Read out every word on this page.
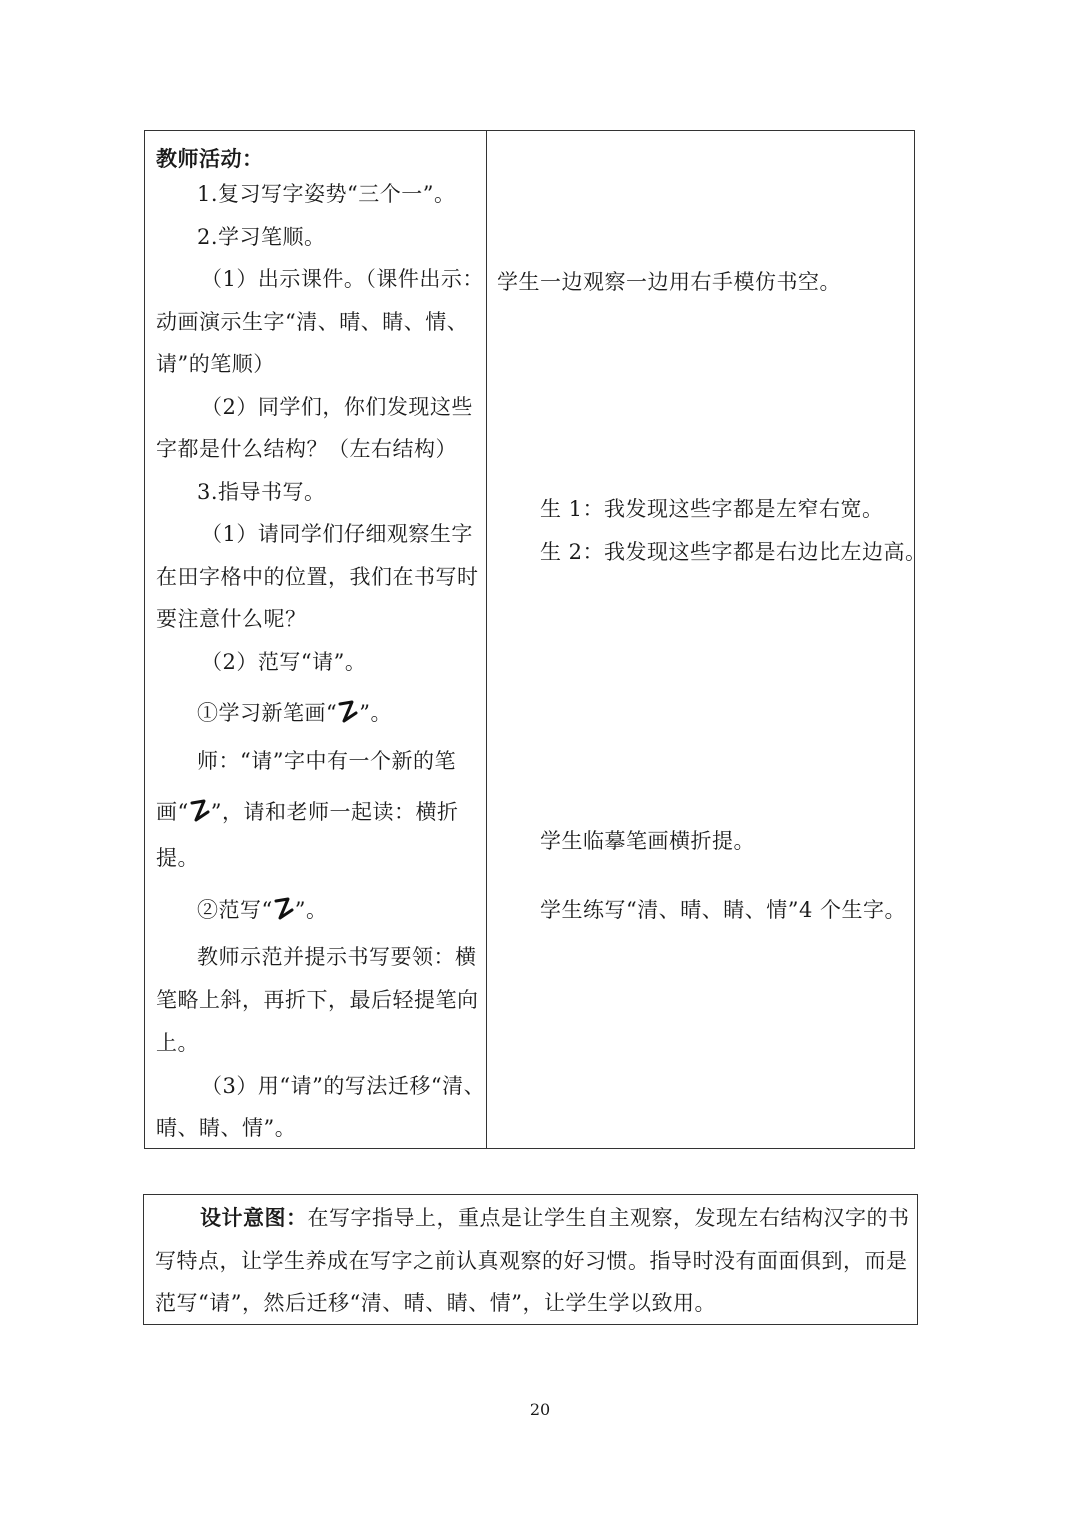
教师活动：
1.复习写字姿势“三个一”。
2.学习笔顺。
（1）出示课件。（课件出示：
动画演示生字“清、晴、睛、情、
请”的笔顺）
（2）同学们，你们发现这些
字都是什么结构？（左右结构）
3.指导书写。
（1）请同学们仔细观察生字
在田字格中的位置，我们在书写时
要注意什么呢？
（2）范写“请”。
①学习新笔画“ ”。
师：“请”字中有一个新的笔
画“ ”，请和老师一起读：横折
提。
②范写“ ”。
教师示范并提示书写要领：横
笔略上斜，再折下，最后轻提笔向
上。
（3）用“请”的写法迁移“清、
晴、睛、情”。
学生一边观察一边用右手模仿书空。
生 1：我发现这些字都是左窄右宽。
生 2：我发现这些字都是右边比左边高。
学生临摹笔画横折提。
学生练写“清、晴、睛、情”4 个生字。
设计意图：在写字指导上，重点是让学生自主观察，发现左右结构汉字的书
写特点，让学生养成在写字之前认真观察的好习惯。指导时没有面面俱到，而是
范写“请”，然后迁移“清、晴、睛、情”，让学生学以致用。
20
